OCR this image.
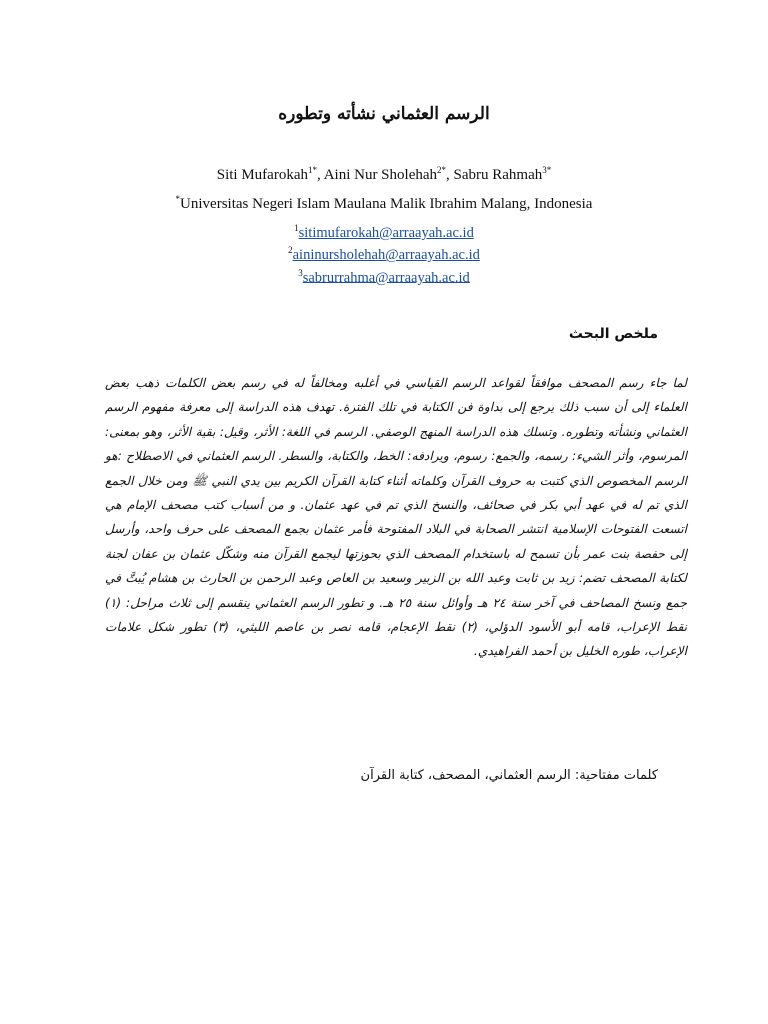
الرسم العثماني نشأته وتطوره

Siti Mufarokah$^{1*}$, Aini Nur Sholehah$^{2*}$, Sabru Rahmah$^{3*}$

*Universitas Negeri Islam Maulana Malik Ibrahim Malang, Indonesia

$^1$sitimufarokah@arraayah.ac.id
$^2$aininursholehah@arraayah.ac.id
$^3$sabrurrahma@arraayah.ac.id
ملخص البحث

لما جاء رسم المصحف موافقاً لقواعد الرسم القياسي في أغلبه ومخالفاً له في رسم بعض الكلمات ذهب بعض العلماء إلى أن سبب ذلك يرجع إلى بداوة فن الكتابة في تلك الفترة. تهدف هذه الدراسة إلى معرفة مفهوم الرسم العثماني ونشأته وتطوره. وتسلك هذه الدراسة المنهج الوصفي. الرسم في اللغة: الأثر، وقيل: بقية الأثر، وهو بمعنى: المرسوم، وأثر الشيء: رسمه، والجمع: رسوم، ويرادفه: الخط، والكتابة، والسطر. الرسم العثماني في الاصطلاح :هو الرسم المخصوص الذي كتبت به حروف القرآن وكلماته أثناء كتابة القرآن الكريم بين يدي النبي ﷺ ومن خلال الجمع الذي تم له في عهد أبي بكر في صحائف، والنسخ الذي تم في عهد عثمان. و من أسباب كتب مصحف الإمام هي اتسعت الفتوحات الإسلامية انتشر الصحابة في البلاد المفتوحة فأمر عثمان بجمع المصحف على حرف واحد، وأرسل إلى حفصة بنت عمر بأن تسمح له باستخدام المصحف الذي بحوزتها ليجمع القرآن منه وشكّل عثمان بن عفان لجنة لكتابة المصحف تضم: زيد بن ثابت وعبد الله بن الزبير وسعيد بن العاص وعبد الرحمن بن الحارث بن هشام يُبتَّ في جمع ونسخ المصاحف في آخر سنة ٢٤ هـ وأوائل سنة ٢٥ هـ. و تطور الرسم العثماني ينقسم إلى ثلاث مراحل: (١) نقط الإعراب، قامه أبو الأسود الدؤلي، (٢) نقط الإعجام، قامه نصر بن عاصم الليثي، (٣) تطور شكل علامات الإعراب، طوره الخليل بن أحمد الفراهيدي.

كلمات مفتاحية: الرسم العثماني، المصحف، كتابة القرآن
